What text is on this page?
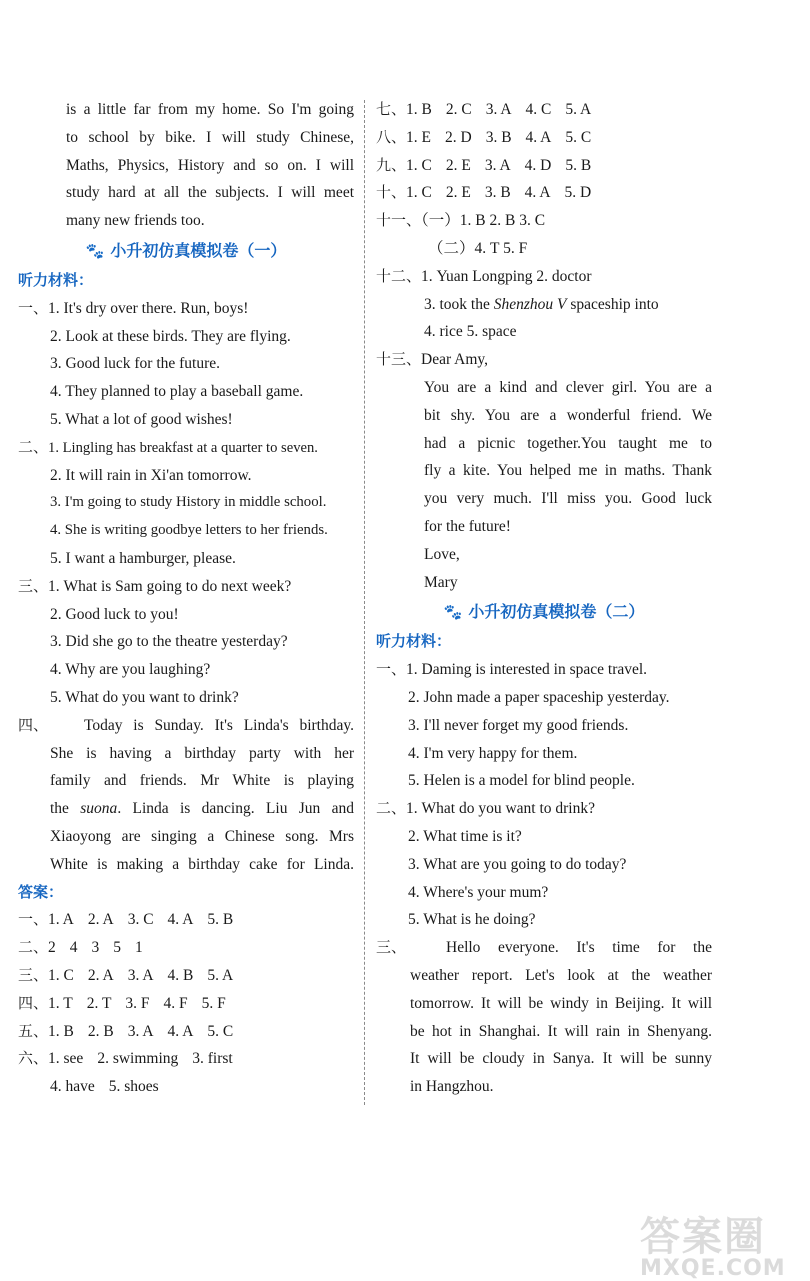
is a little far from my home. So I'm going
to school by bike. I will study Chinese,
Maths, Physics, History and so on. I will
study hard at all the subjects. I will meet
many new friends too.
🐾 小升初仿真模拟卷（一）
听力材料：
一、1. It's dry over there. Run, boys!
2. Look at these birds. They are flying.
3. Good luck for the future.
4. They planned to play a baseball game.
5. What a lot of good wishes!
二、1. Lingling has breakfast at a quarter to seven.
2. It will rain in Xi'an tomorrow.
3. I'm going to study History in middle school.
4. She is writing goodbye letters to her friends.
5. I want a hamburger, please.
三、1. What is Sam going to do next week?
2. Good luck to you!
3. Did she go to the theatre yesterday?
4. Why are you laughing?
5. What do you want to drink?
四、	Today is Sunday. It's Linda's birthday.
She is having a birthday party with her
family and friends. Mr White is playing
the suona. Linda is dancing. Liu Jun and
Xiaoyong are singing a Chinese song. Mrs
White is making a birthday cake for Linda.
答案：
一、1. A 2. A 3. C 4. A 5. B
二、2 4 3 5 1
三、1. C 2. A 3. A 4. B 5. A
四、1. T 2. T 3. F 4. F 5. F
五、1. B 2. B 3. A 4. A 5. C
六、1. see 2. swimming 3. first
4. have 5. shoes
七、1. B 2. C 3. A 4. C 5. A
八、1. E 2. D 3. B 4. A 5. C
九、1. C 2. E 3. A 4. D 5. B
十、1. C 2. E 3. B 4. A 5. D
十一、（一）1. B 2. B 3. C
（二）4. T 5. F
十二、1. Yuan Longping 2. doctor
3. took the Shenzhou V spaceship into
4. rice 5. space
十三、Dear Amy,
You are a kind and clever girl. You are a
bit shy. You are a wonderful friend. We
had a picnic together.You taught me to
fly a kite. You helped me in maths. Thank
you very much. I'll miss you. Good luck
for the future!
Love,
Mary
🐾 小升初仿真模拟卷（二）
听力材料：
一、1. Daming is interested in space travel.
2. John made a paper spaceship yesterday.
3. I'll never forget my good friends.
4. I'm very happy for them.
5. Helen is a model for blind people.
二、1. What do you want to drink?
2. What time is it?
3. What are you going to do today?
4. Where's your mum?
5. What is he doing?
三、	Hello everyone. It's time for the
weather report. Let's look at the weather
tomorrow. It will be windy in Beijing. It will
be hot in Shanghai. It will rain in Shenyang.
It will be cloudy in Sanya. It will be sunny
in Hangzhou.
答案圈
MXQE.COM
